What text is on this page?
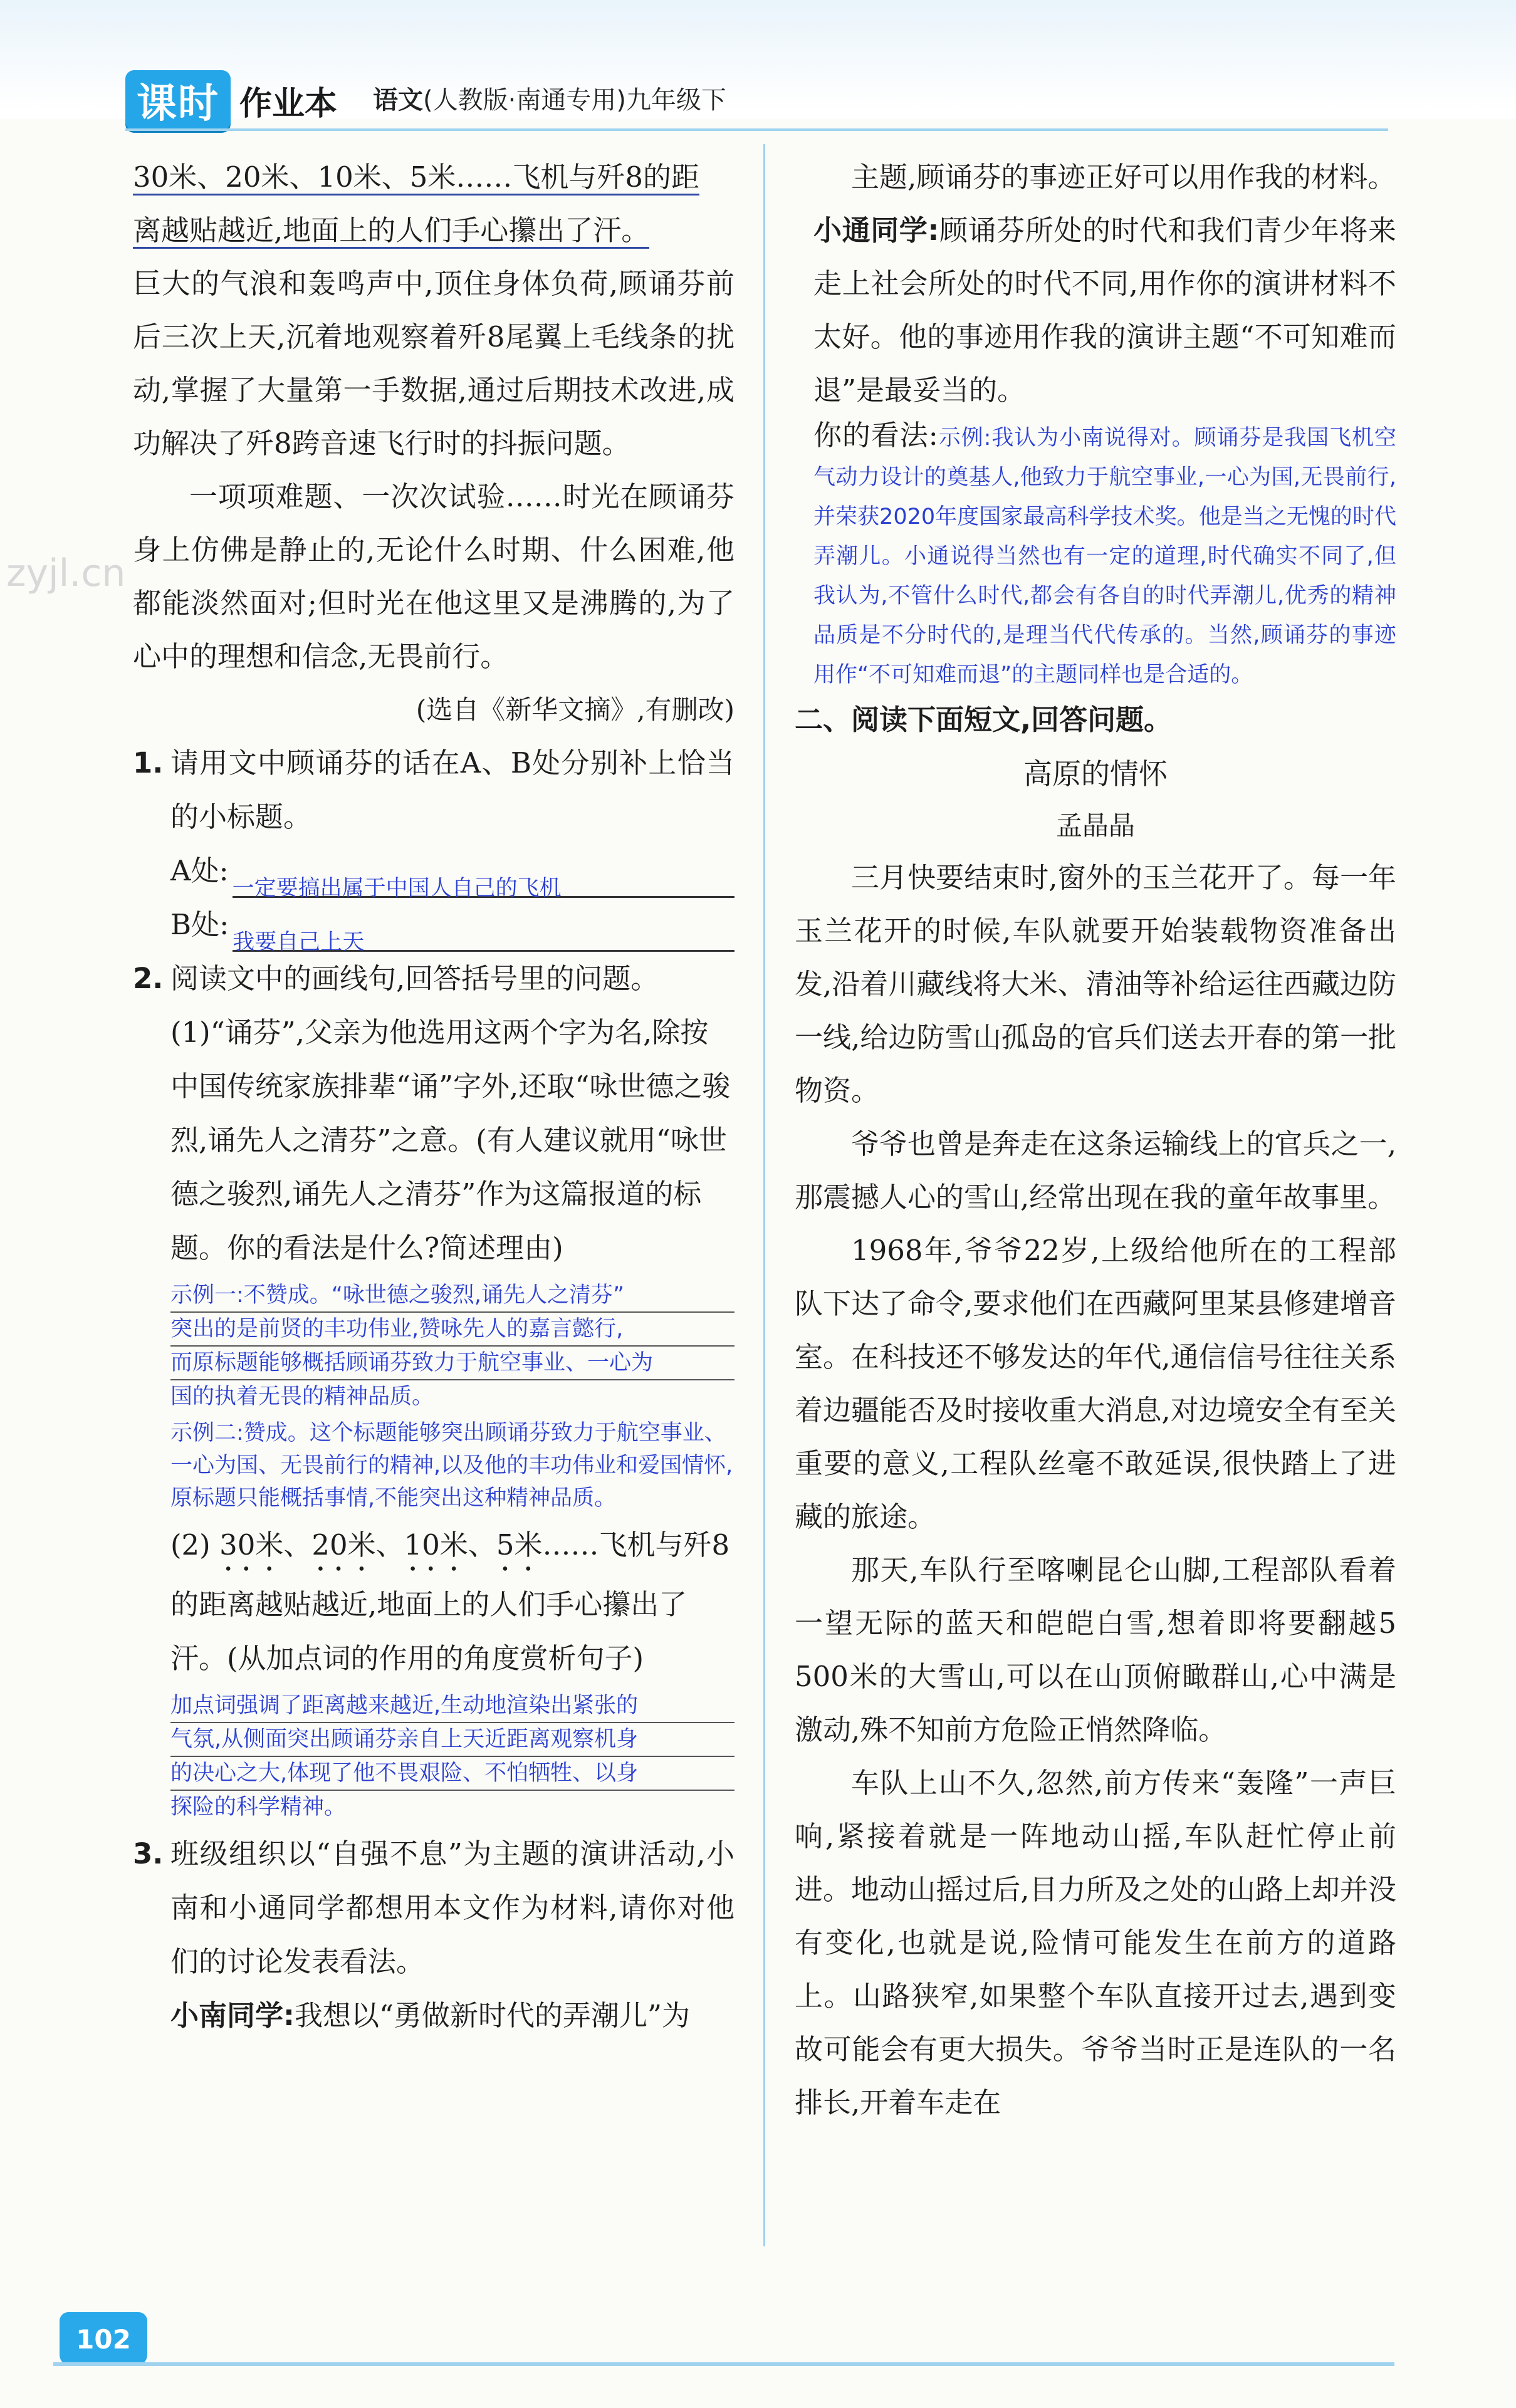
课时 作业本 语文(人教版·南通专用)九年级下
zyjl.cn
30米、20米、10米、5米……飞机与歼8的距
离越贴越近,地面上的人们手心攥出了汗。
巨大的气浪和轰鸣声中,顶住身体负荷,顾诵芬前后三次上天,沉着地观察着歼8尾翼上毛线条的扰动,掌握了大量第一手数据,通过后期技术改进,成功解决了歼8跨音速飞行时的抖振问题。
一项项难题、一次次试验……时光在顾诵芬身上仿佛是静止的,无论什么时期、什么困难,他都能淡然面对;但时光在他这里又是沸腾的,为了心中的理想和信念,无畏前行。
(选自《新华文摘》,有删改)
1. 请用文中顾诵芬的话在A、B处分别补上恰当的小标题。
A处:
一定要搞出属于中国人自己的飞机
B处:
我要自己上天
2. 阅读文中的画线句,回答括号里的问题。
(1)“诵芬”,父亲为他选用这两个字为名,除按中国传统家族排辈“诵”字外,还取“咏世德之骏烈,诵先人之清芬”之意。(有人建议就用“咏世德之骏烈,诵先人之清芬”作为这篇报道的标题。你的看法是什么?简述理由)
示例一:不赞成。“咏世德之骏烈,诵先人之清芬”
突出的是前贤的丰功伟业,赞咏先人的嘉言懿行,
而原标题能够概括顾诵芬致力于航空事业、一心为
国的执着无畏的精神品质。
示例二:赞成。这个标题能够突出顾诵芬致力于航空事业、一心为国、无畏前行的精神,以及他的丰功伟业和爱国情怀,原标题只能概括事情,不能突出这种精神品质。
(2) 30米、20米、10米、5米……飞机与歼8的距离越贴越近,地面上的人们手心攥出了汗。(从加点词的作用的角度赏析句子)
加点词强调了距离越来越近,生动地渲染出紧张的
气氛,从侧面突出顾诵芬亲自上天近距离观察机身
的决心之大,体现了他不畏艰险、不怕牺牲、以身
探险的科学精神。
3. 班级组织以“自强不息”为主题的演讲活动,小南和小通同学都想用本文作为材料,请你对他们的讨论发表看法。
小南同学:我想以“勇做新时代的弄潮儿”为
主题,顾诵芬的事迹正好可以用作我的材料。
小通同学:顾诵芬所处的时代和我们青少年将来走上社会所处的时代不同,用作你的演讲材料不太好。他的事迹用作我的演讲主题“不可知难而退”是最妥当的。
你的看法:示例:我认为小南说得对。顾诵芬是我国飞机空气动力设计的奠基人,他致力于航空事业,一心为国,无畏前行,并荣获2020年度国家最高科学技术奖。他是当之无愧的时代弄潮儿。小通说得当然也有一定的道理,时代确实不同了,但我认为,不管什么时代,都会有各自的时代弄潮儿,优秀的精神品质是不分时代的,是理当代代传承的。当然,顾诵芬的事迹用作“不可知难而退”的主题同样也是合适的。
二、阅读下面短文,回答问题。
高原的情怀
孟晶晶
三月快要结束时,窗外的玉兰花开了。每一年玉兰花开的时候,车队就要开始装载物资准备出发,沿着川藏线将大米、清油等补给运往西藏边防一线,给边防雪山孤岛的官兵们送去开春的第一批物资。
爷爷也曾是奔走在这条运输线上的官兵之一,那震撼人心的雪山,经常出现在我的童年故事里。
1968年,爷爷22岁,上级给他所在的工程部队下达了命令,要求他们在西藏阿里某县修建增音室。在科技还不够发达的年代,通信信号往往关系着边疆能否及时接收重大消息,对边境安全有至关重要的意义,工程队丝毫不敢延误,很快踏上了进藏的旅途。
那天,车队行至喀喇昆仑山脚,工程部队看着一望无际的蓝天和皑皑白雪,想着即将要翻越5 500米的大雪山,可以在山顶俯瞰群山,心中满是激动,殊不知前方危险正悄然降临。
车队上山不久,忽然,前方传来“轰隆”一声巨响,紧接着就是一阵地动山摇,车队赶忙停止前进。地动山摇过后,目力所及之处的山路上却并没有变化,也就是说,险情可能发生在前方的道路上。山路狭窄,如果整个车队直接开过去,遇到变故可能会有更大损失。爷爷当时正是连队的一名排长,开着车走在
102
